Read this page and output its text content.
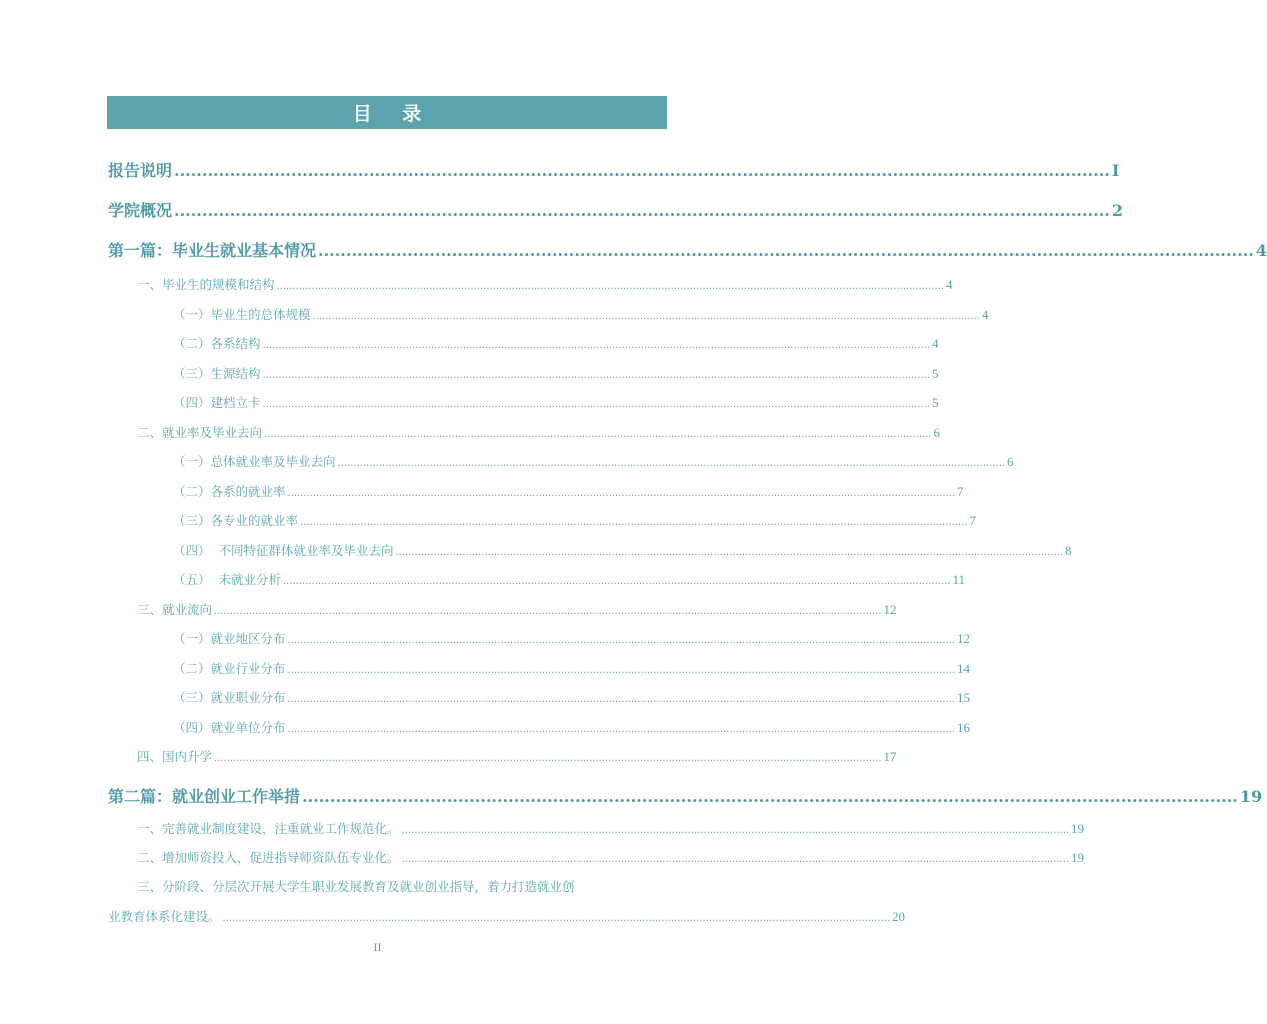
目 录
报告说明 ........................................................................................................................................................................ I
学院概况 ........................................................................................................................................................................ 2
第一篇：毕业生就业基本情况 ........................................................................................................................................................................ 4
一、毕业生的规模和结构 .................................................................................................................................................................................................................. 4
（一）毕业生的总体规模 .................................................................................................................................................................................................................. 4
（二）各系结构 .................................................................................................................................................................................................................. 4
（三）生源结构 .................................................................................................................................................................................................................. 5
（四）建档立卡 .................................................................................................................................................................................................................. 5
二、就业率及毕业去向 .................................................................................................................................................................................................................. 6
（一）总体就业率及毕业去向 .................................................................................................................................................................................................................. 6
（二）各系的就业率 .................................................................................................................................................................................................................. 7
（三）各专业的就业率 .................................................................................................................................................................................................................. 7
（四）  不同特征群体就业率及毕业去向 .................................................................................................................................................................................................................. 8
（五）  未就业分析 .................................................................................................................................................................................................................. 11
三、就业流向 .................................................................................................................................................................................................................. 12
（一）就业地区分布 .................................................................................................................................................................................................................. 12
（二）就业行业分布 .................................................................................................................................................................................................................. 14
（三）就业职业分布 .................................................................................................................................................................................................................. 15
（四）就业单位分布 .................................................................................................................................................................................................................. 16
四、国内升学 .................................................................................................................................................................................................................. 17
第二篇：就业创业工作举措 ........................................................................................................................................................................ 19
一、完善就业制度建设，注重就业工作规范化。 .................................................................................................................................................................................................................. 19
二、增加师资投入，促进指导师资队伍专业化。 .................................................................................................................................................................................................................. 19
三、分阶段、分层次开展大学生职业发展教育及就业创业指导，着力打造就业创
业教育体系化建设。 .................................................................................................................................................................................................................. 20
II
